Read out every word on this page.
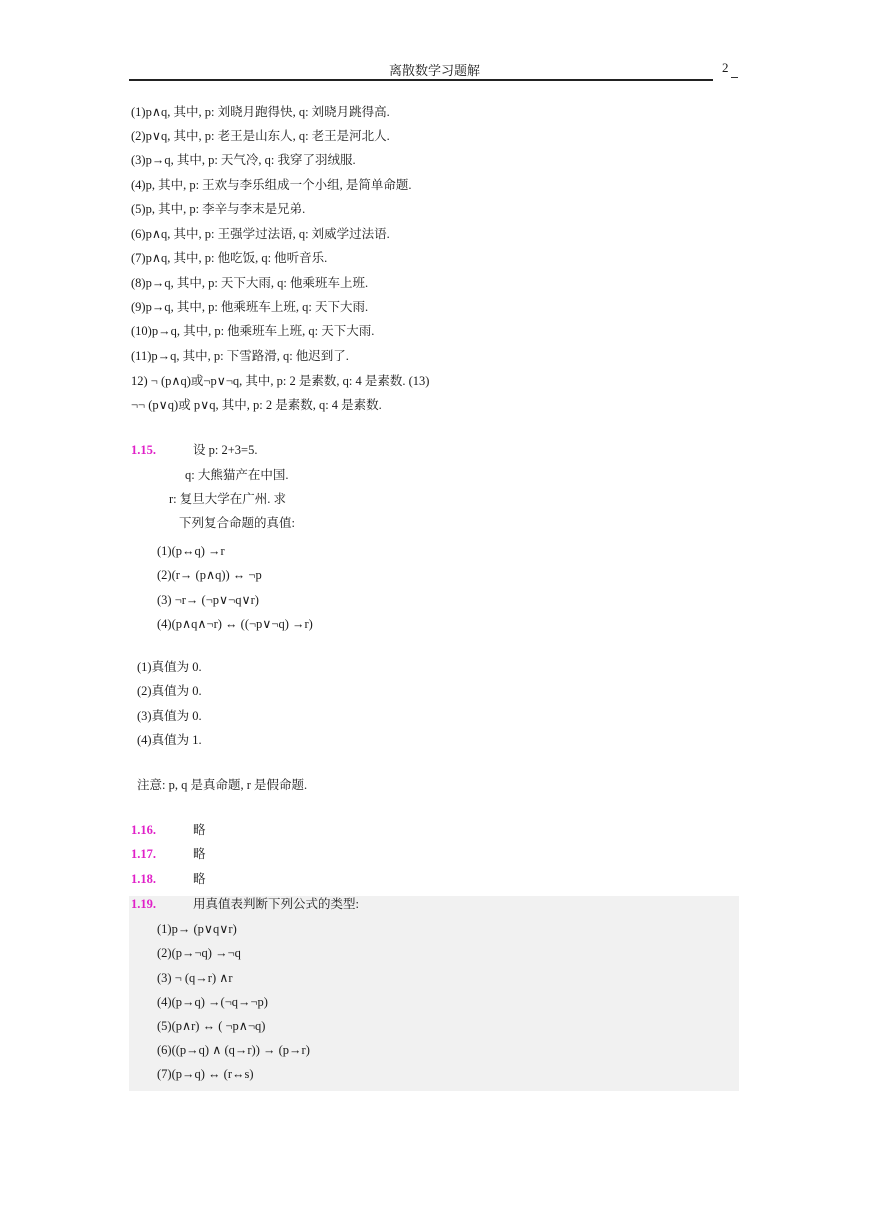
离散数学习题解	2
(1)p∧q, 其中, p: 刘晓月跑得快, q: 刘晓月跳得高.
(2)p∨q, 其中, p: 老王是山东人, q: 老王是河北人.
(3)p→q, 其中, p: 天气冷, q: 我穿了羽绒服.
(4)p, 其中, p: 王欢与李乐组成一个小组, 是简单命题.
(5)p, 其中, p: 李辛与李末是兄弟.
(6)p∧q, 其中, p: 王强学过法语, q: 刘威学过法语.
(7)p∧q, 其中, p: 他吃饭, q: 他听音乐.
(8)p→q, 其中, p: 天下大雨, q: 他乘班车上班.
(9)p→q, 其中, p: 他乘班车上班, q: 天下大雨.
(10)p→q, 其中, p: 他乘班车上班, q: 天下大雨.
(11)p→q, 其中, p: 下雪路滑, q: 他迟到了.
12) ¬ (p∧q)或¬p∨¬q, 其中, p: 2 是素数, q: 4 是素数. (13)
¬¬ (p∨q)或 p∨q, 其中, p: 2 是素数, q: 4 是素数.
1.15.	设 p: 2+3=5.
q: 大熊猫产在中国.
r: 复旦大学在广州. 求
下列复合命题的真值:
(1)(p↔q) →r
(2)(r→ (p∧q)) ↔ ¬p
(3) ¬r→ (¬p∨¬q∨r)
(4)(p∧q∧¬r) ↔ ((¬p∨¬q) →r)
(1)真值为 0.
(2)真值为 0.
(3)真值为 0.
(4)真值为 1.
注意: p, q 是真命题, r 是假命题.
1.16.	略
1.17.	略
1.18.	略
1.19.	用真值表判断下列公式的类型:
(1)p→ (p∨q∨r)
(2)(p→¬q) →¬q
(3) ¬ (q→r) ∧r
(4)(p→q) →(¬q→¬p)
(5)(p∧r) ↔ ( ¬p∧¬q)
(6)((p→q) ∧ (q→r)) → (p→r)
(7)(p→q) ↔ (r↔s)
